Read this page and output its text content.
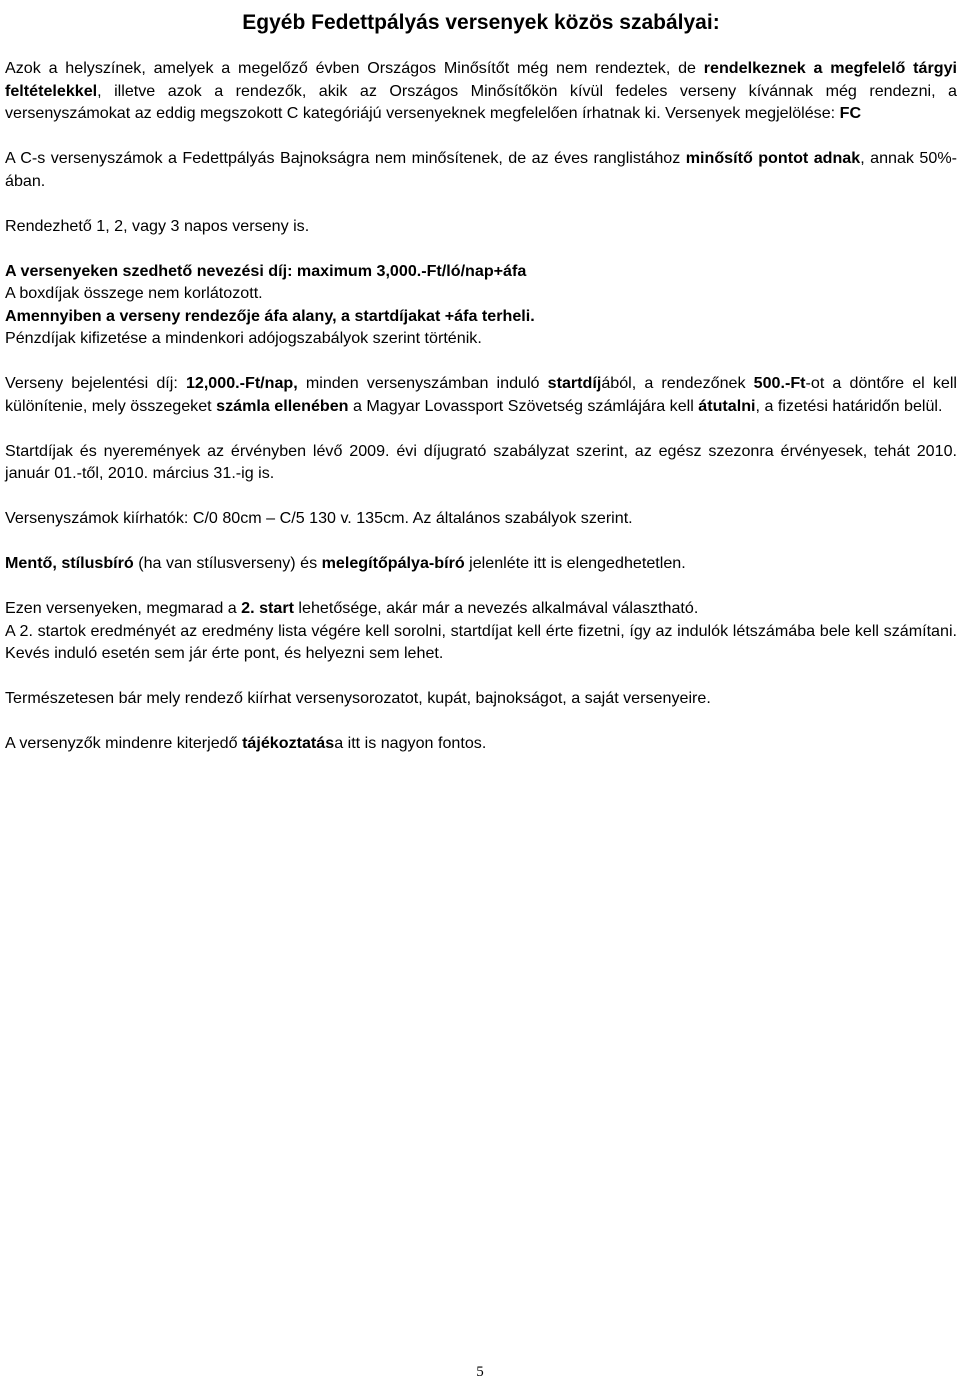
Egyéb Fedettpályás versenyek közös szabályai:

Azok a helyszínek, amelyek a megelőző évben Országos Minősítőt még nem rendeztek, de rendelkeznek a megfelelő tárgyi feltételekkel, illetve azok a rendezők, akik az Országos Minősítőkön kívül fedeles verseny kívánnak még rendezni, a versenyszámokat az eddig megszokott C kategóriájú versenyeknek megfelelően írhatnak ki. Versenyek megjelölése: FC

A C-s versenyszámok a Fedettpályás Bajnokságra nem minősítenek, de az éves ranglistához minősítő pontot adnak, annak 50%-ában.

Rendezhető 1, 2, vagy 3 napos verseny is.

A versenyeken szedhető nevezési díj: maximum 3,000.-Ft/ló/nap+áfa

A boxdíjak összege nem korlátozott.

Amennyiben a verseny rendezője áfa alany, a startdíjakat +áfa terheli.

Pénzdíjak kifizetése a mindenkori adójogszabályok szerint történik.

Verseny bejelentési díj: 12,000.-Ft/nap, minden versenyszámban induló startdíjából, a rendezőnek 500.-Ft-ot a döntőre el kell különítenie, mely összegeket számla ellenében a Magyar Lovassport Szövetség számlájára kell átutalni, a fizetési határidőn belül.

Startdíjak és nyeremények az érvényben lévő 2009. évi díjugrató szabályzat szerint, az egész szezonra érvényesek, tehát 2010. január 01.-től, 2010. március 31.-ig is.

Versenyszámok kiírhatók: C/0 80cm – C/5 130 v. 135cm. Az általános szabályok szerint.

Mentő, stílusbíró (ha van stílusverseny) és melegítőpálya-bíró jelenléte itt is elengedhetetlen.

Ezen versenyeken, megmarad a 2. start lehetősége, akár már a nevezés alkalmával választható.

A 2. startok eredményét az eredmény lista végére kell sorolni, startdíjat kell érte fizetni, így az indulók létszámába bele kell számítani. Kevés induló esetén sem jár érte pont, és helyezni sem lehet.

Természetesen bár mely rendező kiírhat versenysorozatot, kupát, bajnokságot, a saját versenyeire.

A versenyzők mindenre kiterjedő tájékoztatása itt is nagyon fontos.

5
